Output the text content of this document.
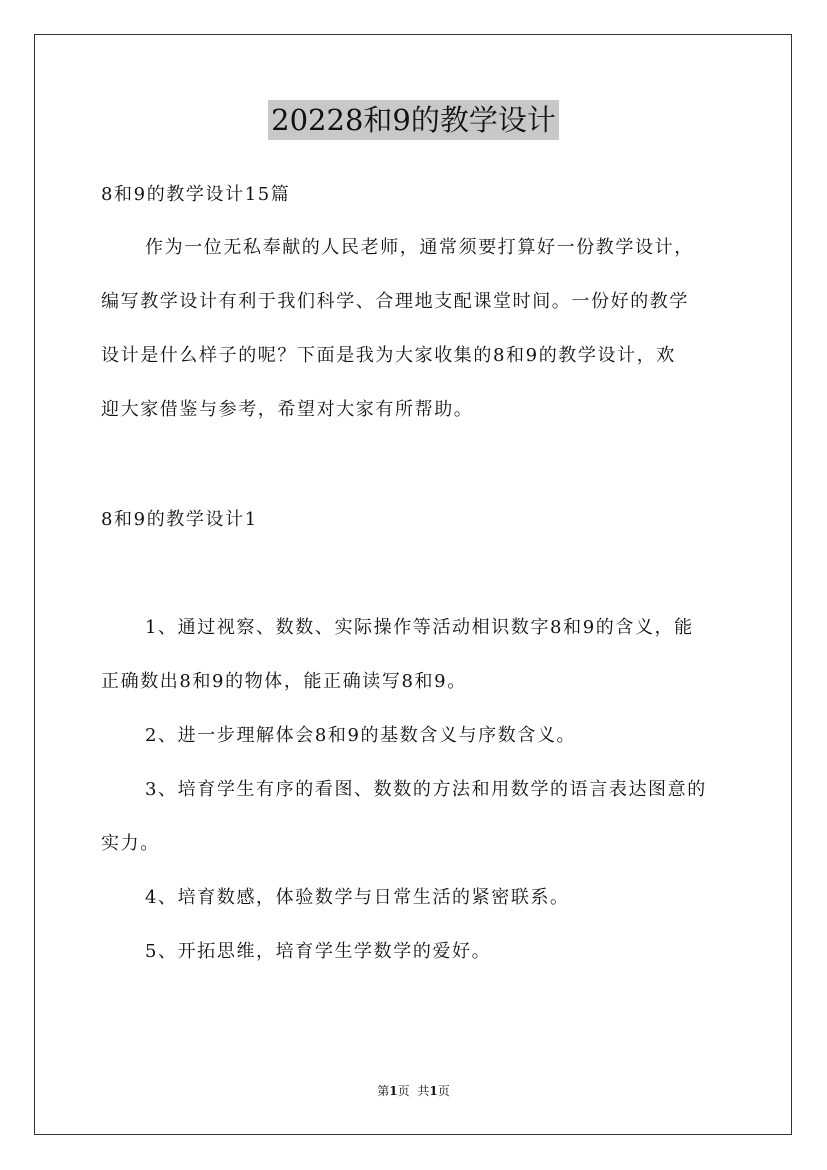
20228和9的教学设计
8和9的教学设计15篇
作为一位无私奉献的人民老师，通常须要打算好一份教学设计，
编写教学设计有利于我们科学、合理地支配课堂时间。一份好的教学
设计是什么样子的呢？下面是我为大家收集的8和9的教学设计，欢
迎大家借鉴与参考，希望对大家有所帮助。
8和9的教学设计1
1、通过视察、数数、实际操作等活动相识数字8和9的含义，能
正确数出8和9的物体，能正确读写8和9。
2、进一步理解体会8和9的基数含义与序数含义。
3、培育学生有序的看图、数数的方法和用数学的语言表达图意的
实力。
4、培育数感，体验数学与日常生活的紧密联系。
5、开拓思维，培育学生学数学的爱好。
第1页 共1页
